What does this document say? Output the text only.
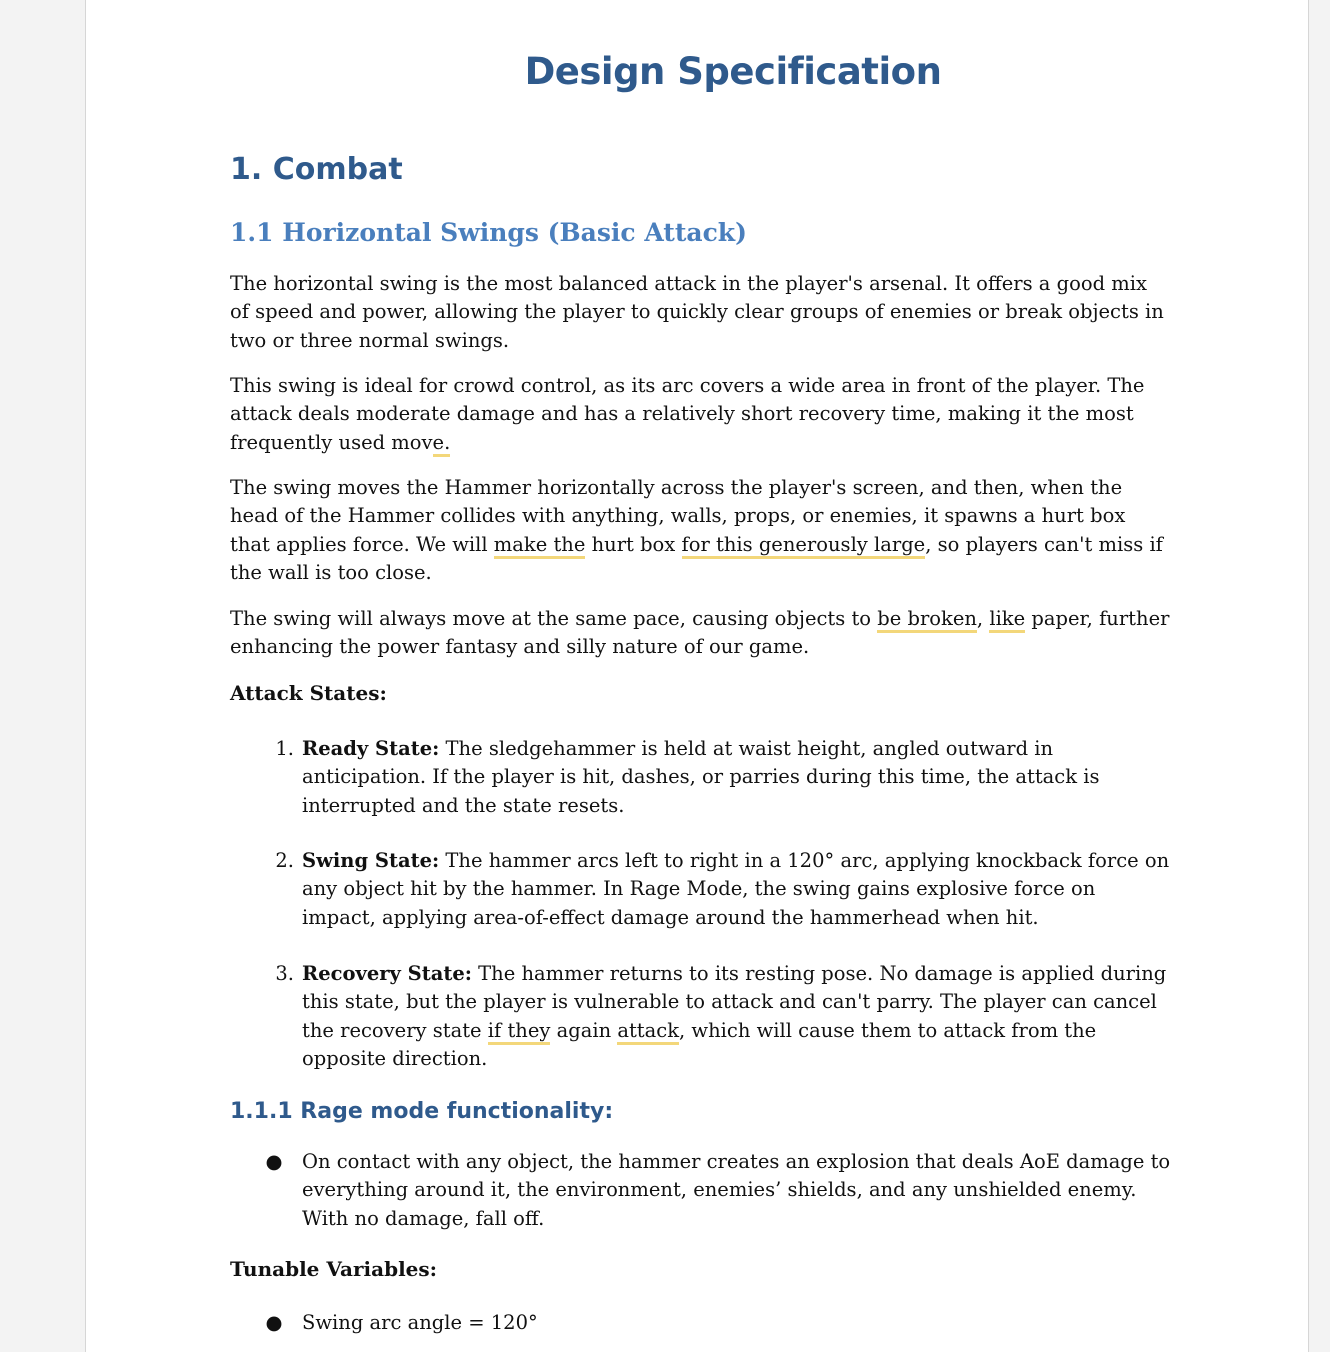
Design Specification
1. Combat
1.1 Horizontal Swings (Basic Attack)

The horizontal swing is the most balanced attack in the player's arsenal. It offers a good mix of speed and power, allowing the player to quickly clear groups of enemies or break objects in two or three normal swings.

This swing is ideal for crowd control, as its arc covers a wide area in front of the player. The attack deals moderate damage and has a relatively short recovery time, making it the most frequently used move.

The swing moves the Hammer horizontally across the player's screen, and then, when the head of the Hammer collides with anything, walls, props, or enemies, it spawns a hurt box that applies force. We will make the hurt box for this generously large, so players can't miss if the wall is too close.

The swing will always move at the same pace, causing objects to be broken, like paper, further enhancing the power fantasy and silly nature of our game.

Attack States:

1. Ready State: The sledgehammer is held at waist height, angled outward in anticipation. If the player is hit, dashes, or parries during this time, the attack is interrupted and the state resets.
2. Swing State: The hammer arcs left to right in a 120° arc, applying knockback force on any object hit by the hammer. In Rage Mode, the swing gains explosive force on impact, applying area-of-effect damage around the hammerhead when hit.
3. Recovery State: The hammer returns to its resting pose. No damage is applied during this state, but the player is vulnerable to attack and can't parry. The player can cancel the recovery state if they again attack, which will cause them to attack from the opposite direction.
1.1.1 Rage mode functionality:
● On contact with any object, the hammer creates an explosion that deals AoE damage to everything around it, the environment, enemies’ shields, and any unshielded enemy. With no damage, fall off.

Tunable Variables:

● Swing arc angle = 120°
